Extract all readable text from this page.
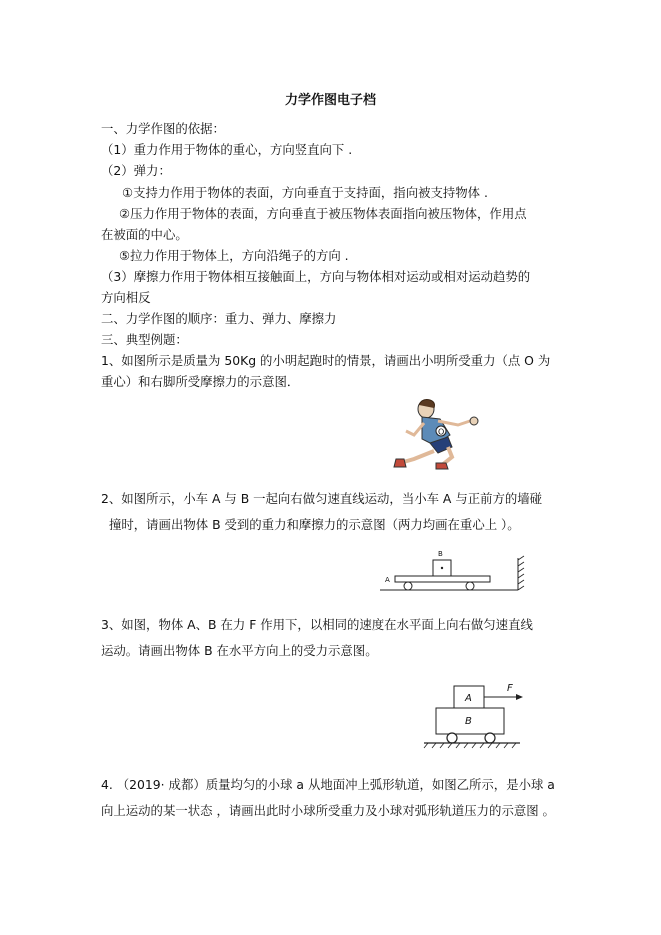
力学作图电子档
一、力学作图的依据：
（1）重力作用于物体的重心，方向竖直向下 .
（2）弹力：
①支持力作用于物体的表面，方向垂直于支持面，指向被支持物体 .
②压力作用于物体的表面，方向垂直于被压物体表面指向被压物体，作用点
在被面的中心。
⑤拉力作用于物体上，方向沿绳子的方向 .
（3）摩擦力作用于物体相互接触面上，方向与物体相对运动或相对运动趋势的
方向相反
二、力学作图的顺序：重力、弹力、摩擦力
三、典型例题：
1、如图所示是质量为 50Kg 的小明起跑时的情景，请画出小明所受重力（点 O 为
重心）和右脚所受摩擦力的示意图．
O
2、如图所示，小车 A 与 B 一起向右做匀速直线运动，当小车 A 与正前方的墙碰
撞时，请画出物体 B 受到的重力和摩擦力的示意图（两力均画在重心上 ）。
B
A
3、如图，物体 A、B 在力 F 作用下，以相同的速度在水平面上向右做匀速直线
运动。请画出物体 B 在水平方向上的受力示意图。
A
F
B
4. （2019· 成都）质量均匀的小球 a 从地面冲上弧形轨道，如图乙所示，是小球 a
向上运动的某一状态 ，请画出此时小球所受重力及小球对弧形轨道压力的示意图 。
